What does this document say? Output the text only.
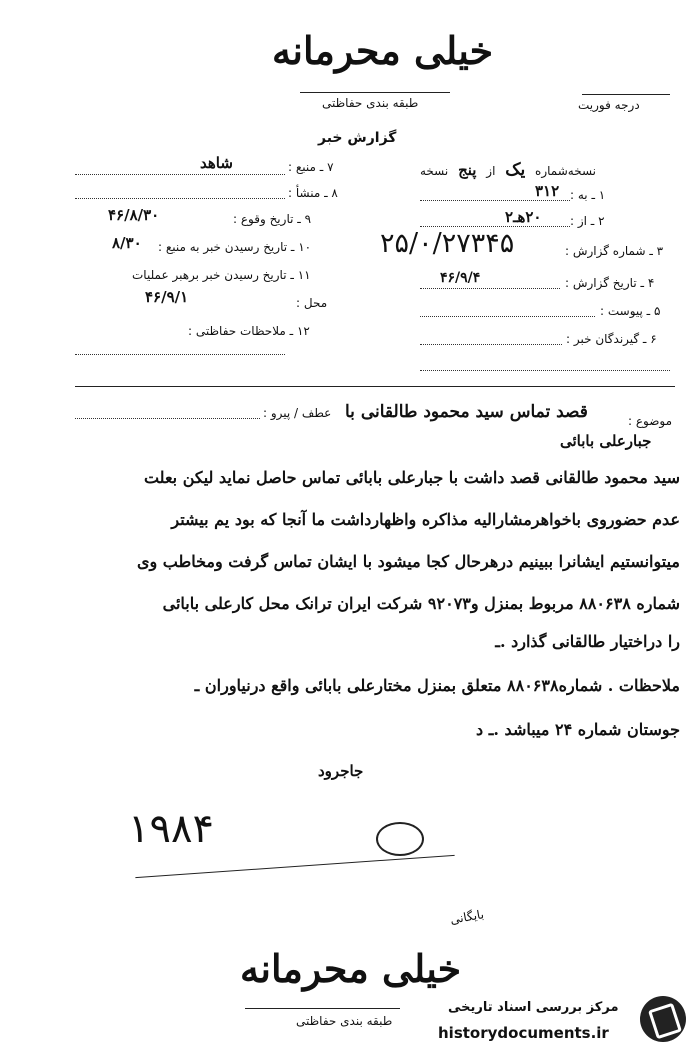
خیلی محرمانه
طبقه بندی حفاظتی	درجه فوریت
گزارش خبر
نسخه‌شماره یک از پنج نسخه
۱ ـ به :
۳۱۲
۲ ـ از :
۲۰هـ۲
۳ ـ شماره گزارش :
۲۵/۰/۲۷۳۴۵
۴ ـ تاریخ گزارش :
۴۶/۹/۴
۵ ـ پیوست :
۶ ـ گیرندگان خبر :
۷ ـ منبع :
شاهد
۸ ـ منشأ :
۹ ـ تاریخ وقوع :
۴۶/۸/۳۰
۱۰ ـ تاریخ رسیدن خبر به منبع :
۸/۳۰
۱۱ ـ تاریخ رسیدن خبر برهبر عملیات
محل :
۴۶/۹/۱
۱۲ ـ ملاحظات حفاظتی :
عطف / پیرو :
موضوع :
قصد تماس سید محمود طالقانی با
جبارعلی بابائی
سید محمود طالقانی قصد داشت با جبارعلی بابائی تماس حاصل نماید لیکن بعلت
عدم حضوروی باخواهرمشارالیه مذاکره واظهارداشت ما آنجا که بود یم بیشتر
میتوانستیم ایشانرا ببینیم درهرحال کجا میشود با ایشان تماس گرفت ومخاطب وی
شماره ۸۸۰۶۳۸ مربوط بمنزل و۹۲۰۷۳ شرکت ایران ترانک محل کارعلی بابائی
را دراختیار طالقانی گذارد .ـ
ملاحظات . شماره۸۸۰۶۳۸ متعلق بمنزل مختارعلی بابائی واقع درنیاوران ـ
جوستان شماره ۲۴ میباشد .ـ د
جاجرود
۱۹۸۴
بایگانی
خیلی محرمانه
طبقه بندی حفاظتی
مرکز بررسی اسناد تاریخی
historydocuments.ir
